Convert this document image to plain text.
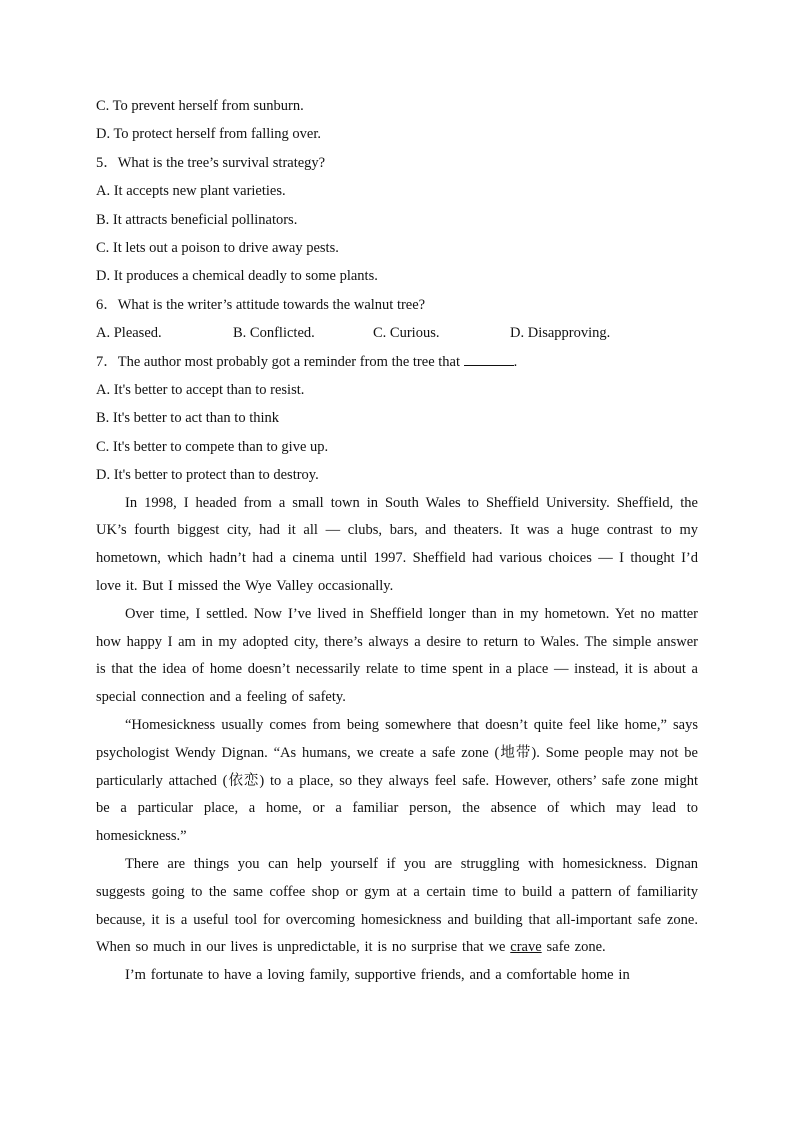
C. To prevent herself from sunburn.

D. To protect herself from falling over.

5．What is the tree’s survival strategy?

A. It accepts new plant varieties.

B. It attracts beneficial pollinators.

C. It lets out a poison to drive away pests.

D. It produces a chemical deadly to some plants.

6．What is the writer’s attitude towards the walnut tree?

A. Pleased.	B. Conflicted.	C. Curious.	D. Disapproving.

7．The author most probably got a reminder from the tree that	.

A. It's better to accept than to resist.

B. It's better to act than to think

C. It's better to compete than to give up.

D. It's better to protect than to destroy.

In 1998, I headed from a small town in South Wales to Sheffield University. Sheffield, the UK’s fourth biggest city, had it all — clubs, bars, and theaters. It was a huge contrast to my hometown, which hadn’t had a cinema until 1997. Sheffield had various choices — I thought I’d love it. But I missed the Wye Valley occasionally.

Over time, I settled. Now I’ve lived in Sheffield longer than in my hometown. Yet no matter how happy I am in my adopted city, there’s always a desire to return to Wales. The simple answer is that the idea of home doesn’t necessarily relate to time spent in a place — instead, it is about a special connection and a feeling of safety.

“Homesickness usually comes from being somewhere that doesn’t quite feel like home,” says psychologist Wendy Dignan. “As humans, we create a safe zone (地带). Some people may not be particularly attached (依恋) to a place, so they always feel safe. However, others’ safe zone might be a particular place, a home, or a familiar person, the absence of which may lead to homesickness.”

There are things you can help yourself if you are struggling with homesickness. Dignan suggests going to the same coffee shop or gym at a certain time to build a pattern of familiarity because, it is a useful tool for overcoming homesickness and building that all-important safe zone. When so much in our lives is unpredictable, it is no surprise that we crave safe zone.

I’m fortunate to have a loving family, supportive friends, and a comfortable home in
